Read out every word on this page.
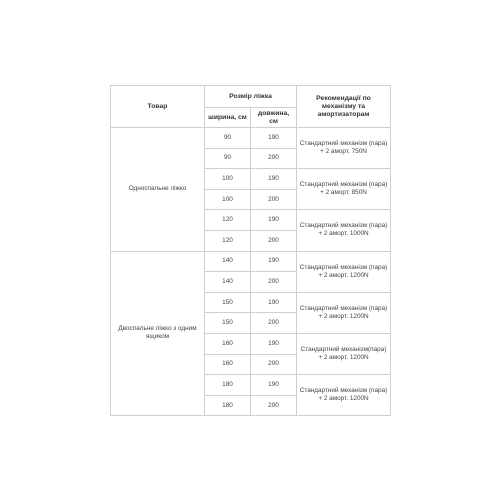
Товар	Розмір ліжка		Рекомендації по механізму та амортизаторам
	ширина, см	довжина, см	
Односпальне ліжко	90	190	Стандартний механізм (пара) + 2 аморт. 750N
	90	200	
	100	190	Стандартний механізм (пара) + 2 аморт. 850N
	100	200	
	120	190	Стандартний механізм (пара) + 2 аморт. 1000N
	120	200	
Двоспальне ліжко з одним ящиком	140	190	Стандартний механізм (пара) + 2 аморт. 1200N
	140	200	
	150	190	Стандартний механізм (пара) + 2 аморт. 1200N
	150	200	
	160	190	Стандартний механізм(пара) + 2 аморт. 1200N
	160	200	
	180	190	Стандартний механізм (пара) + 2 аморт. 1200N
	180	200	
